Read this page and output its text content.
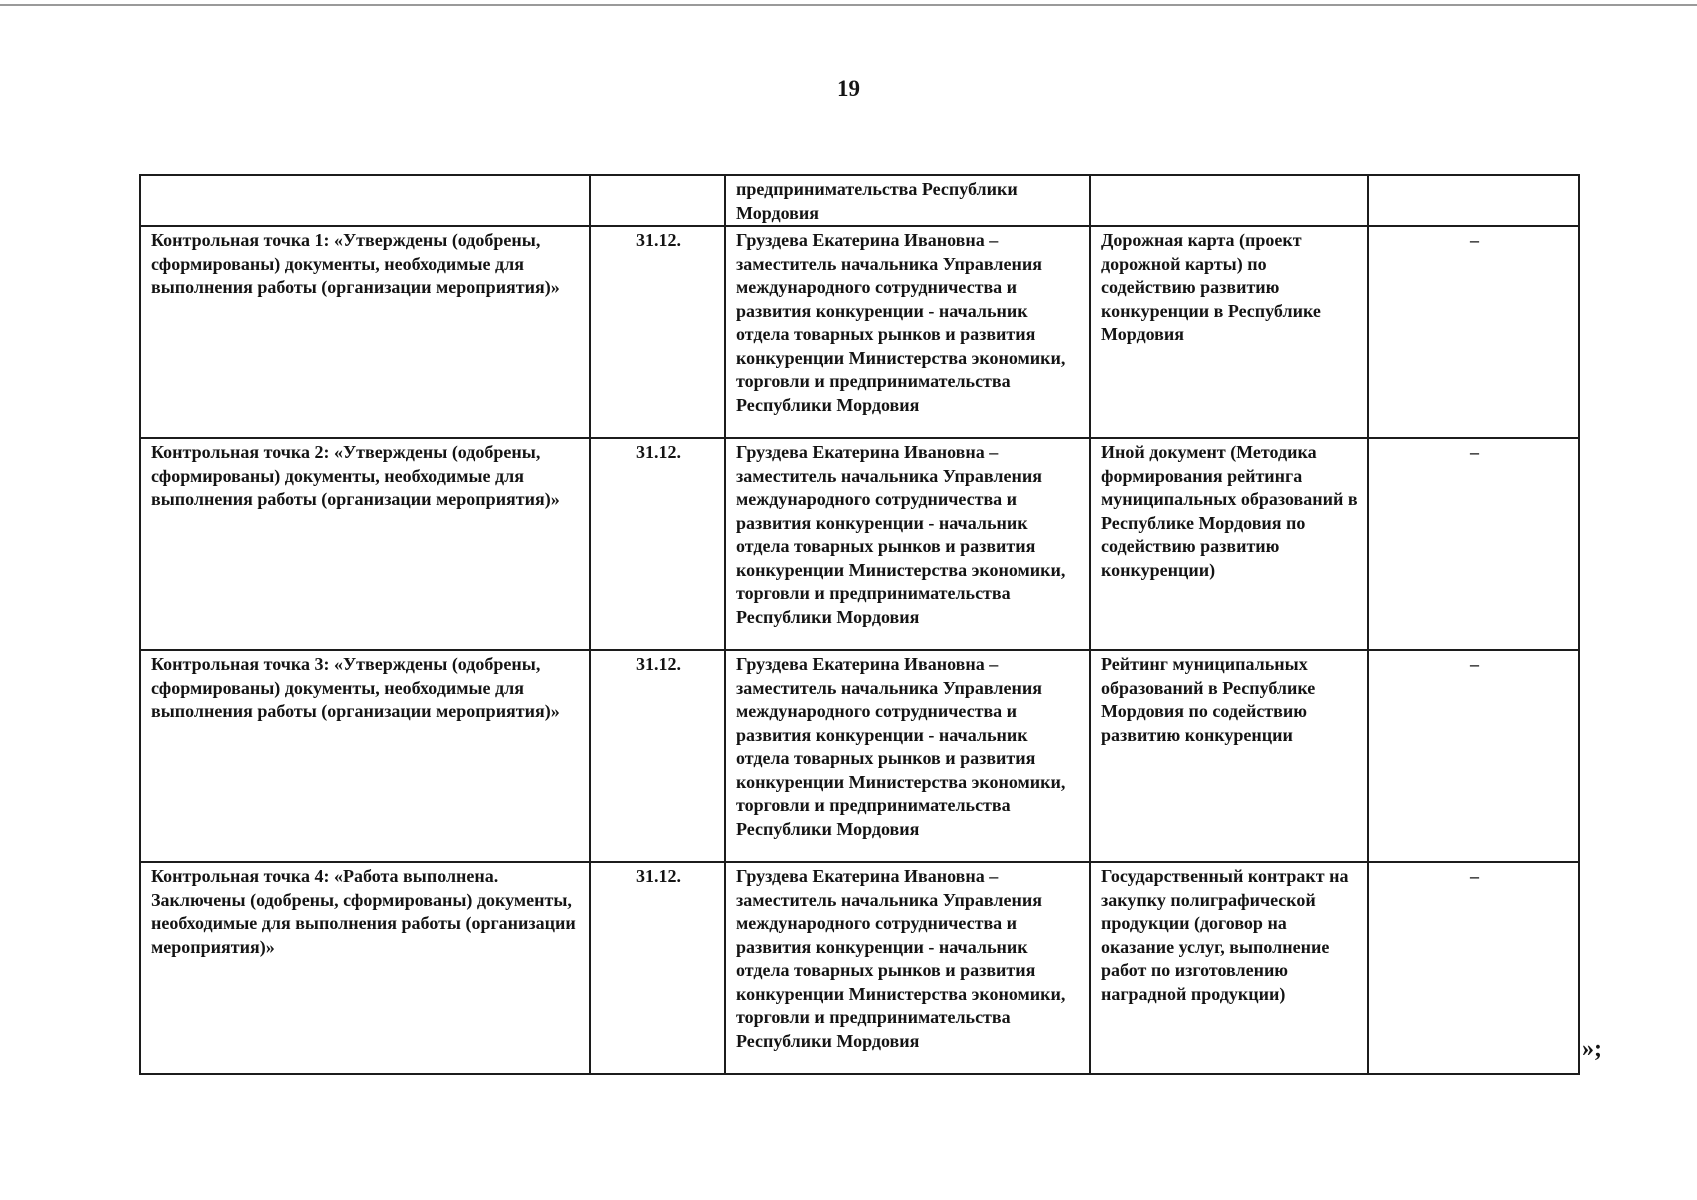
19
		предпринимательства Республики Мордовия		
Контрольная точка 1: «Утверждены (одобрены, сформированы) документы, необходимые для выполнения работы (организации мероприятия)»	31.12.	Груздева Екатерина Ивановна – заместитель начальника Управления международного сотрудничества и развития конкуренции - начальник отдела товарных рынков и развития конкуренции Министерства экономики, торговли и предпринимательства Республики Мордовия	Дорожная карта (проект дорожной карты) по содействию развитию конкуренции в Республике Мордовия	–
Контрольная точка 2: «Утверждены (одобрены, сформированы) документы, необходимые для выполнения работы (организации мероприятия)»	31.12.	Груздева Екатерина Ивановна – заместитель начальника Управления международного сотрудничества и развития конкуренции - начальник отдела товарных рынков и развития конкуренции Министерства экономики, торговли и предпринимательства Республики Мордовия	Иной документ (Методика формирования рейтинга муниципальных образований в Республике Мордовия по содействию развитию конкуренции)	–
Контрольная точка 3: «Утверждены (одобрены, сформированы) документы, необходимые для выполнения работы (организации мероприятия)»	31.12.	Груздева Екатерина Ивановна – заместитель начальника Управления международного сотрудничества и развития конкуренции - начальник отдела товарных рынков и развития конкуренции Министерства экономики, торговли и предпринимательства Республики Мордовия	Рейтинг муниципальных образований в Республике Мордовия по содействию развитию конкуренции	–
Контрольная точка 4: «Работа выполнена. Заключены (одобрены, сформированы) документы, необходимые для выполнения работы (организации мероприятия)»	31.12.	Груздева Екатерина Ивановна – заместитель начальника Управления международного сотрудничества и развития конкуренции - начальник отдела товарных рынков и развития конкуренции Министерства экономики, торговли и предпринимательства Республики Мордовия	Государственный контракт на закупку полиграфической продукции (договор на оказание услуг, выполнение работ по изготовлению наградной продукции)	–
»;
